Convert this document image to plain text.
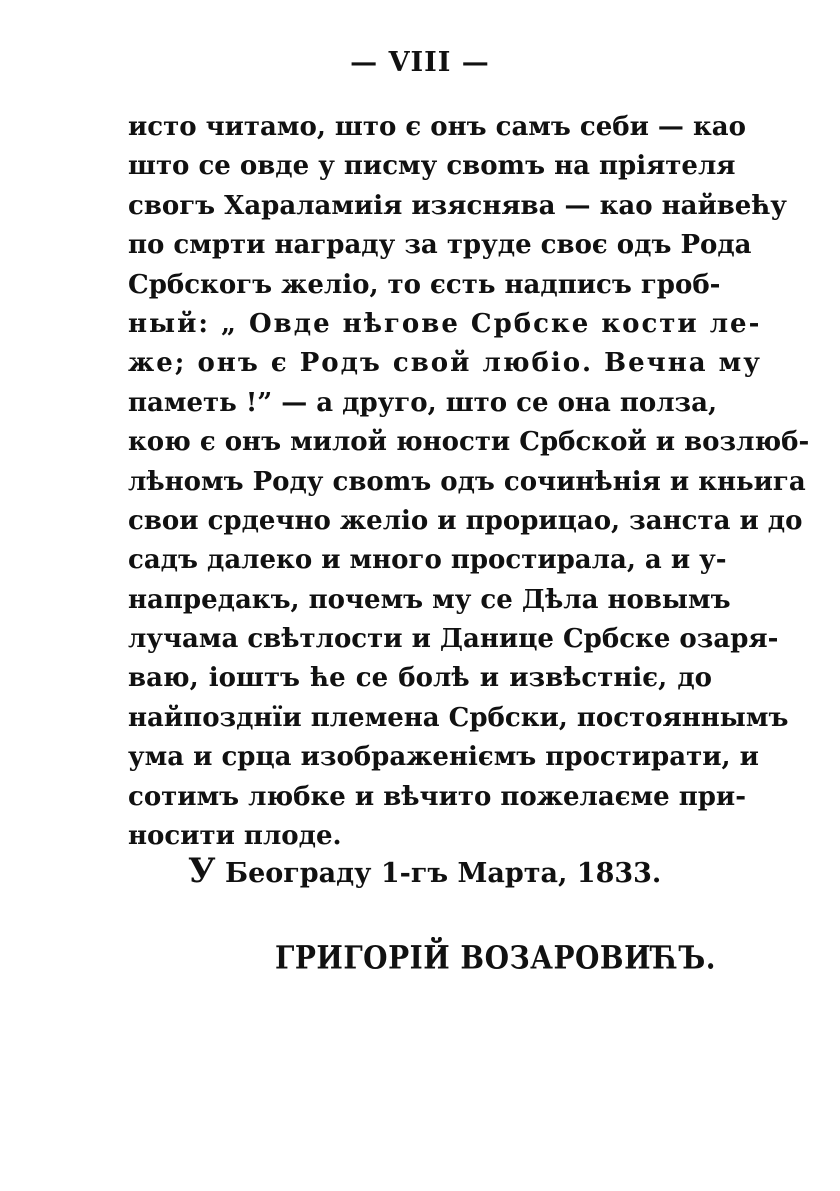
— VIII —
исто читамо, што є онъ самъ себи — као
што се овде у писму своmъ на пріятеля
свогъ Хараламиія изяснява — као найвећу
по смрти награду за труде своє одъ Рода
Србскогъ желіо, то єсть надписъ гроб-
ный: „ Овде нѣгове Србске кости ле-
же; онъ є Родъ свой любіо. Вечна му
паметь !” — а друго, што се она полза,
кою є онъ милой юности Србской и возлюб-
лѣномъ Роду своmъ одъ сочинѣнія и кньига
свои срдечно желіо и прорицао, занста и до
садъ далеко и много простирала, а и у-
напредакъ, почемъ му се Дѣла новымъ
лучама свѣтлости и Данице Србске озаря-
ваю, іоштъ ће се болѣ и извѣстніє, до
найпозднїи племена Србски, постояннымъ
ума и срца изображеніємъ простирати, и
сотимъ любке и вѣчито пожелаєме при-
носити плоде.
У Београду 1-гъ Марта, 1833.
ГРИГОРІЙ ВОЗАРОВИЋЪ.
